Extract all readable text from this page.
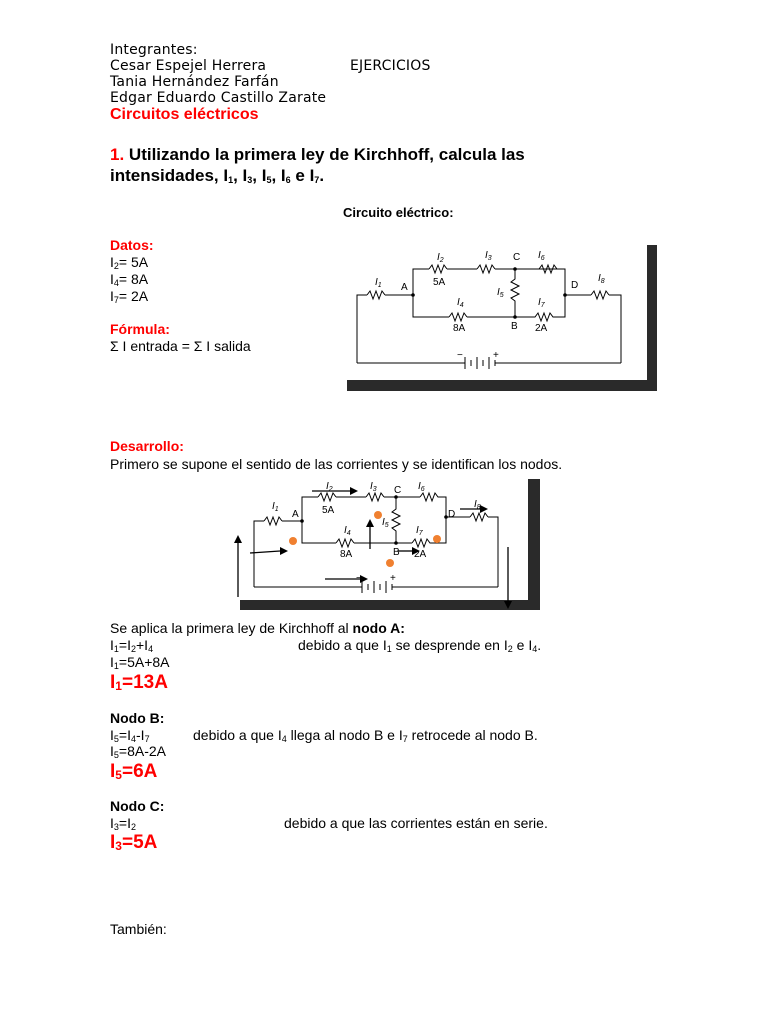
Integrantes:
Cesar Espejel Herrera	EJERCICIOS
Tania Hernández Farfán
Edgar Eduardo Castillo Zarate
Circuitos eléctricos
1. Utilizando la primera ley de Kirchhoff, calcula las
intensidades, $I_1$, $I_3$, $I_5$, $I_6$ e $I_7$.
Circuito eléctrico:
Datos:
$I_2= 5A$
$I_4= 8A$
$I_7= 2A$
Fórmula:
Σ I entrada = Σ I salida
$I_1$ A
$I_2$
5A
$I_3$ C $I_6$
D
$I_8$
$I_4$
$I_5$
$I_7$
8A	B 2A
−	+
Desarrollo:
Primero se supone el sentido de las corrientes y se identifican los nodos.
$I_1$ A
$I_2$
5A
$I_3$ C $I_6$
D
$I_8$
$I_4$
$I_5$	$I_7$
8A	B 2A
−	+
Se aplica la primera ley de Kirchhoff al nodo A:
$I_1=I_2+I_4$	debido a que $I_1$ se desprende en $I_2$ e $I_4$.
$I_1=5A+8A$
$I_1=13A$
Nodo B:
$I_5=I_4-I_7$	debido a que $I_4$ llega al nodo B e $I_7$ retrocede al nodo B.
$I_5=8A-2A$
$I_5=6A$
Nodo C:
$I_3=I_2$	debido a que las corrientes están en serie.
$I_3=5A$
También:
